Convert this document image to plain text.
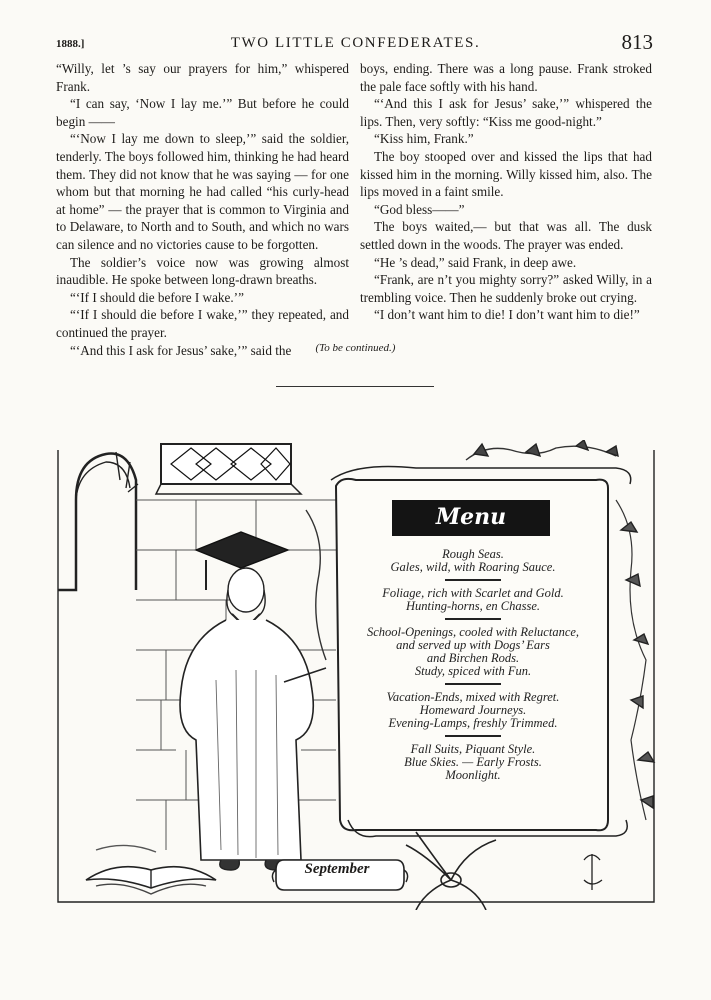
1888.]	TWO LITTLE CONFEDERATES.	813

“Willy, let ’s say our prayers for him,” whispered Frank.

“I can say, ‘Now I lay me.’” But before he could begin ——

“‘Now I lay me down to sleep,’” said the soldier, tenderly. The boys followed him, thinking he had heard them. They did not know that he was saying — for one whom but that morning he had called “his curly-head at home” — the prayer that is common to Virginia and to Delaware, to North and to South, and which no wars can silence and no victories cause to be forgotten.

The soldier’s voice now was growing almost inaudible. He spoke between long-drawn breaths.

“‘If I should die before I wake.’”

“‘If I should die before I wake,’” they repeated, and continued the prayer.

“‘And this I ask for Jesus’ sake,’” said the

boys, ending. There was a long pause. Frank stroked the pale face softly with his hand.

“‘And this I ask for Jesus’ sake,’” whispered the lips. Then, very softly: “Kiss me good-night.”

“Kiss him, Frank.”

The boy stooped over and kissed the lips that had kissed him in the morning. Willy kissed him, also. The lips moved in a faint smile.

“God bless——”

The boys waited,— but that was all. The dusk settled down in the woods. The prayer was ended.

“He ’s dead,” said Frank, in deep awe.

“Frank, are n’t you mighty sorry?” asked Willy, in a trembling voice. Then he suddenly broke out crying.

“I don’t want him to die! I don’t want him to die!”

(To be continued.)
Menu
Rough Seas.
Gales, wild, with Roaring Sauce.
Foliage, rich with Scarlet and Gold.
Hunting-horns, en Chasse.
School-Openings, cooled with Reluctance,
and served up with Dogs’ Ears
and Birchen Rods.
Study, spiced with Fun.
Vacation-Ends, mixed with Regret.
Homeward Journeys.
Evening-Lamps, freshly Trimmed.
Fall Suits, Piquant Style.
Blue Skies. — Early Frosts.
Moonlight.
September
